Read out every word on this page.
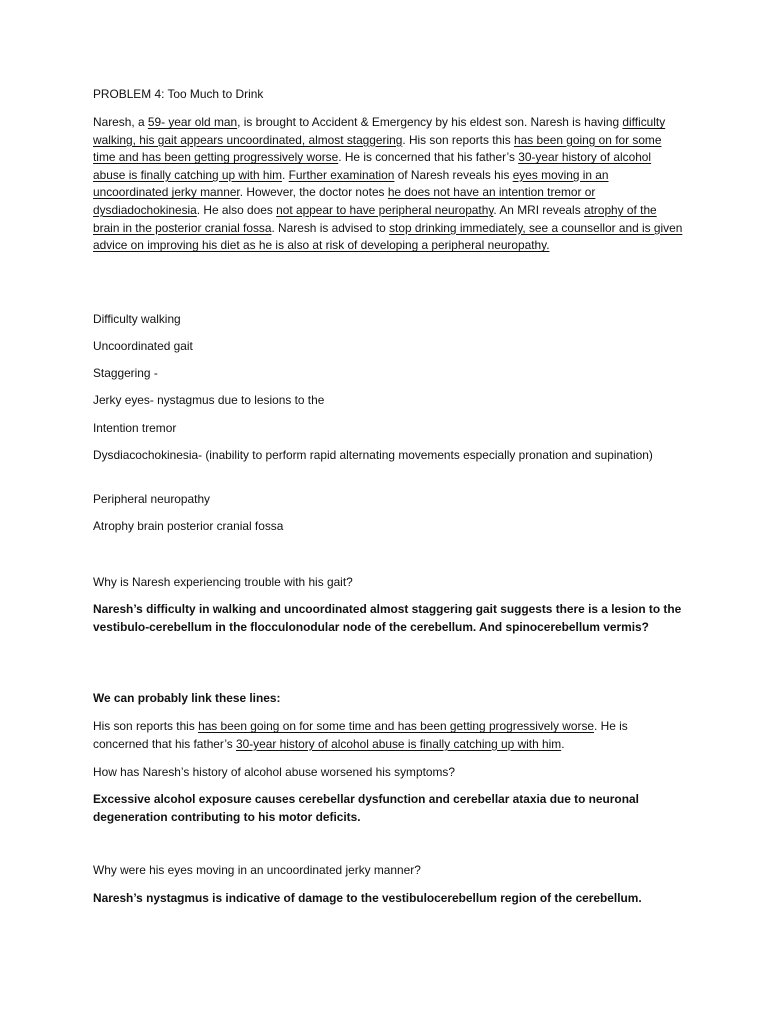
PROBLEM 4: Too Much to Drink

Naresh, a 59- year old man, is brought to Accident & Emergency by his eldest son. Naresh is having difficulty walking, his gait appears uncoordinated, almost staggering. His son reports this has been going on for some time and has been getting progressively worse. He is concerned that his father’s 30-year history of alcohol abuse is finally catching up with him. Further examination of Naresh reveals his eyes moving in an uncoordinated jerky manner. However, the doctor notes he does not have an intention tremor or dysdiadochokinesia. He also does not appear to have peripheral neuropathy. An MRI reveals atrophy of the brain in the posterior cranial fossa. Naresh is advised to stop drinking immediately, see a counsellor and is given advice on improving his diet as he is also at risk of developing a peripheral neuropathy.

Difficulty walking

Uncoordinated gait

Staggering -

Jerky eyes- nystagmus due to lesions to the

Intention tremor

Dysdiacochokinesia- (inability to perform rapid alternating movements especially pronation and supination)

Peripheral neuropathy

Atrophy brain posterior cranial fossa

Why is Naresh experiencing trouble with his gait?

Naresh’s difficulty in walking and uncoordinated almost staggering gait suggests there is a lesion to the vestibulo-cerebellum in the flocculonodular node of the cerebellum. And spinocerebellum vermis?

We can probably link these lines:

His son reports this has been going on for some time and has been getting progressively worse. He is concerned that his father’s 30-year history of alcohol abuse is finally catching up with him.

How has Naresh’s history of alcohol abuse worsened his symptoms?

Excessive alcohol exposure causes cerebellar dysfunction and cerebellar ataxia due to neuronal degeneration contributing to his motor deficits.

Why were his eyes moving in an uncoordinated jerky manner?

Naresh’s nystagmus is indicative of damage to the vestibulocerebellum region of the cerebellum.
